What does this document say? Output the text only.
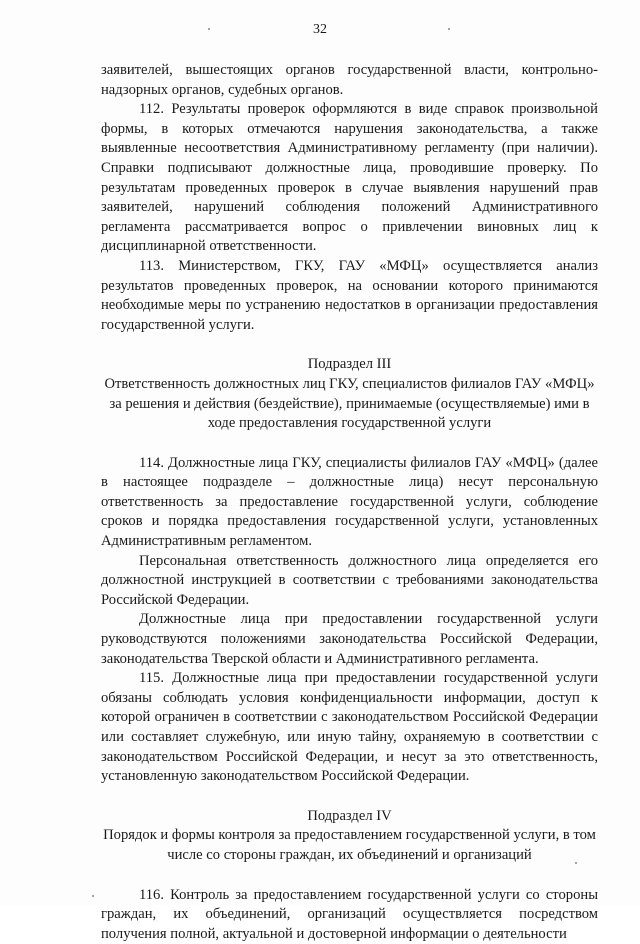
32

заявителей, вышестоящих органов государственной власти, контрольно-надзорных органов, судебных органов.

112. Результаты проверок оформляются в виде справок произвольной формы, в которых отмечаются нарушения законодательства, а также выявленные несоответствия Административному регламенту (при наличии). Справки подписывают должностные лица, проводившие проверку. По результатам проведенных проверок в случае выявления нарушений прав заявителей, нарушений соблюдения положений Административного регламента рассматривается вопрос о привлечении виновных лиц к дисциплинарной ответственности.

113. Министерством, ГКУ, ГАУ «МФЦ» осуществляется анализ результатов проведенных проверок, на основании которого принимаются необходимые меры по устранению недостатков в организации предоставления государственной услуги.

Подраздел III

Ответственность должностных лиц ГКУ, специалистов филиалов ГАУ «МФЦ» за решения и действия (бездействие), принимаемые (осуществляемые) ими в ходе предоставления государственной услуги

114. Должностные лица ГКУ, специалисты филиалов ГАУ «МФЦ» (далее в настоящее подразделе – должностные лица) несут персональную ответственность за предоставление государственной услуги, соблюдение сроков и порядка предоставления государственной услуги, установленных Административным регламентом.

Персональная ответственность должностного лица определяется его должностной инструкцией в соответствии с требованиями законодательства Российской Федерации.

Должностные лица при предоставлении государственной услуги руководствуются положениями законодательства Российской Федерации, законодательства Тверской области и Административного регламента.

115. Должностные лица при предоставлении государственной услуги обязаны соблюдать условия конфиденциальности информации, доступ к которой ограничен в соответствии с законодательством Российской Федерации или составляет служебную, или иную тайну, охраняемую в соответствии с законодательством Российской Федерации, и несут за это ответственность, установленную законодательством Российской Федерации.

Подраздел IV

Порядок и формы контроля за предоставлением государственной услуги, в том числе со стороны граждан, их объединений и организаций

116. Контроль за предоставлением государственной услуги со стороны граждан, их объединений, организаций осуществляется посредством получения полной, актуальной и достоверной информации о деятельности
